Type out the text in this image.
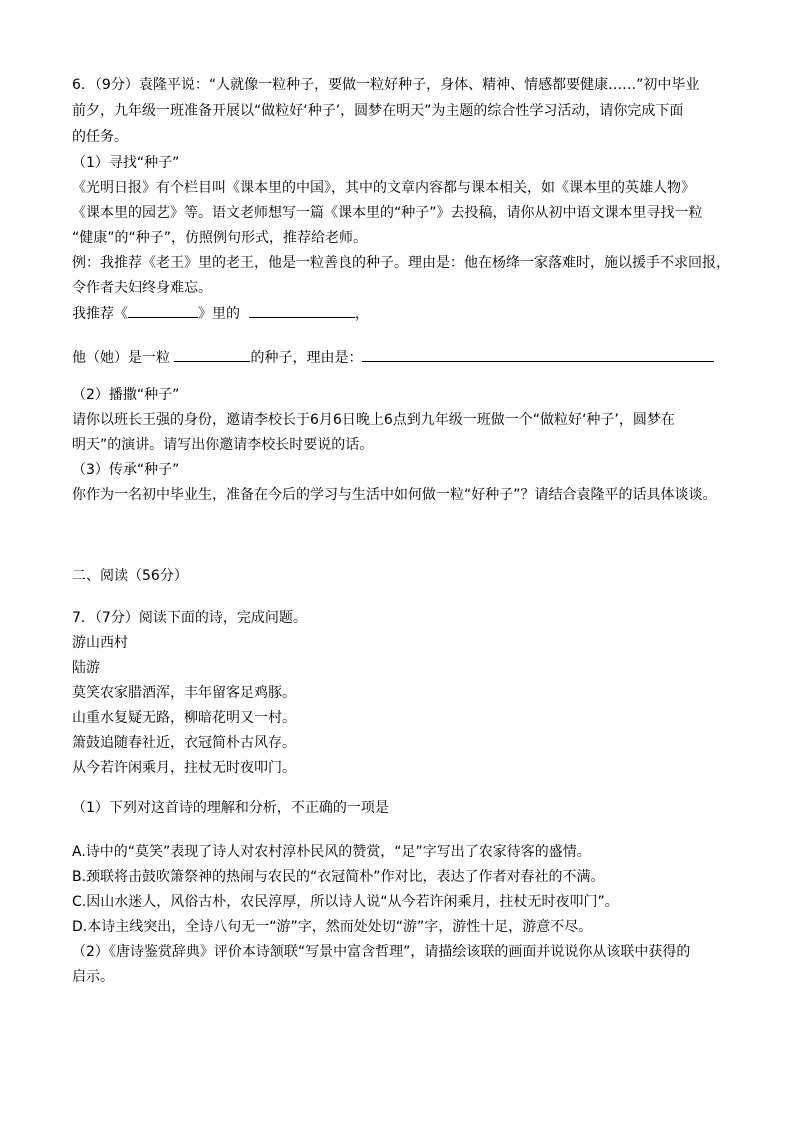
6．（9分）袁隆平说：“人就像一粒种子，要做一粒好种子，身体、精神、情感都要健康……”初中毕业
前夕，九年级一班准备开展以“做粒好‘种子’，圆梦在明天”为主题的综合性学习活动，请你完成下面
的任务。
（1）寻找“种子”
《光明日报》有个栏目叫《课本里的中国》，其中的文章内容都与课本相关，如《课本里的英雄人物》
《课本里的园艺》等。语文老师想写一篇《课本里的“种子”》去投稿，请你从初中语文课本里寻找一粒
“健康”的“种子”，仿照例句形式，推荐给老师。
例：我推荐《老王》里的老王，他是一粒善良的种子。理由是：他在杨绛一家落难时，施以援手不求回报，
令作者夫妇终身难忘。
我推荐《	》里的	，
他（她）是一粒	的种子，理由是：
（2）播撒“种子”
请你以班长王强的身份，邀请李校长于6月6日晚上6点到九年级一班做一个“做粒好‘种子’，圆梦在
明天”的演讲。请写出你邀请李校长时要说的话。
（3）传承“种子”
你作为一名初中毕业生，准备在今后的学习与生活中如何做一粒“好种子”？请结合袁隆平的话具体谈谈。
二、阅读（56分）
7．（7分）阅读下面的诗，完成问题。
游山西村
陆游
莫笑农家腊酒浑，丰年留客足鸡豚。
山重水复疑无路，柳暗花明又一村。
箫鼓追随春社近，衣冠简朴古风存。
从今若许闲乘月，拄杖无时夜叩门。
（1）下列对这首诗的理解和分析，不正确的一项是
A.诗中的“莫笑”表现了诗人对农村淳朴民风的赞赏，“足”字写出了农家待客的盛情。
B.颈联将击鼓吹箫祭神的热闹与农民的“衣冠简朴”作对比，表达了作者对春社的不满。
C.因山水迷人，风俗古朴，农民淳厚，所以诗人说“从今若许闲乘月，拄杖无时夜叩门”。
D.本诗主线突出，全诗八句无一“游”字，然而处处切“游”字，游性十足，游意不尽。
（2）《唐诗鉴赏辞典》评价本诗颔联“写景中富含哲理”，请描绘该联的画面并说说你从该联中获得的
启示。
